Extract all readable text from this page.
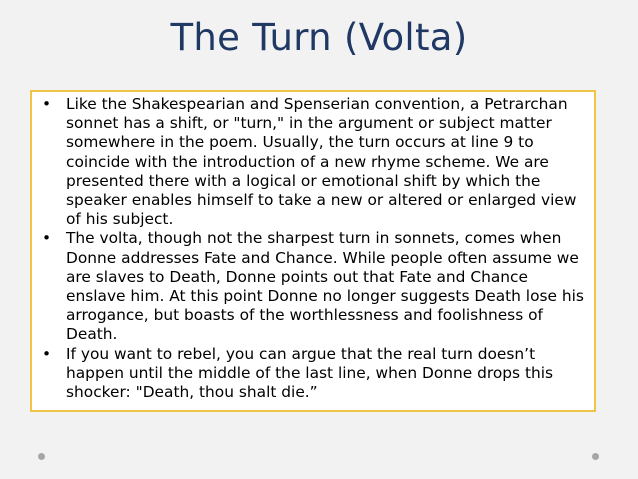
The Turn (Volta)
• Like the Shakespearian and Spenserian convention, a Petrarchan sonnet has a shift, or "turn," in the argument or subject matter somewhere in the poem. Usually, the turn occurs at line 9 to coincide with the introduction of a new rhyme scheme. We are presented there with a logical or emotional shift by which the speaker enables himself to take a new or altered or enlarged view of his subject.
• The volta, though not the sharpest turn in sonnets, comes when Donne addresses Fate and Chance. While people often assume we are slaves to Death, Donne points out that Fate and Chance enslave him. At this point Donne no longer suggests Death lose his arrogance, but boasts of the worthlessness and foolishness of Death.
• If you want to rebel, you can argue that the real turn doesn’t happen until the middle of the last line, when Donne drops this shocker: "Death, thou shalt die.”
